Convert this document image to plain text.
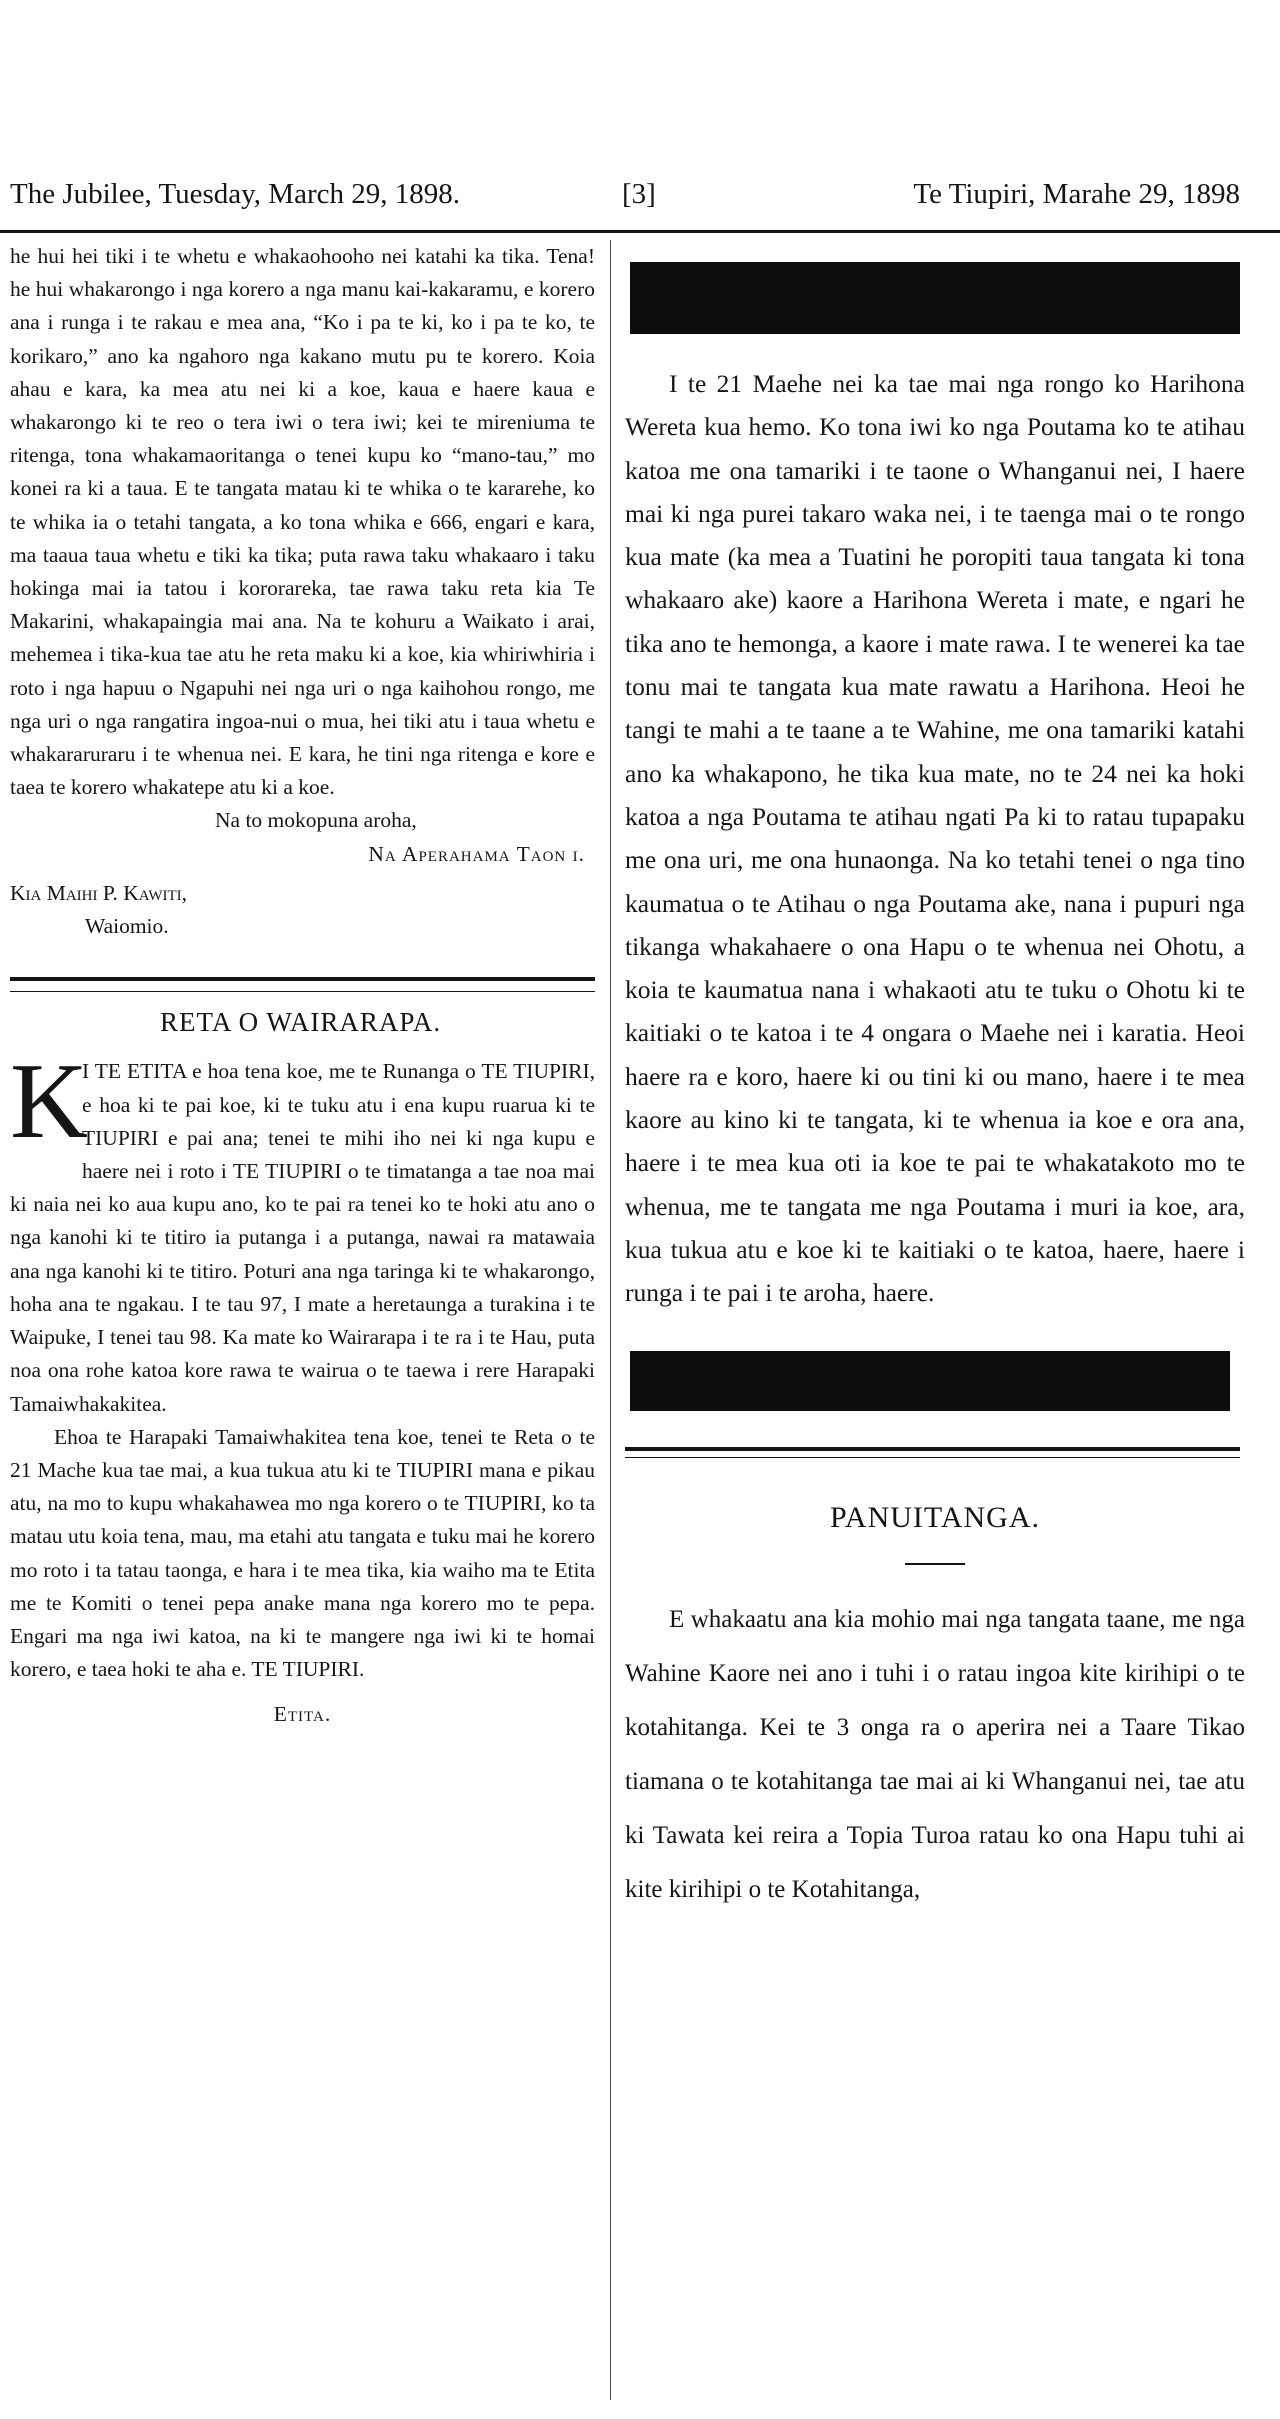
The Jubilee, Tuesday, March 29, 1898.	[3]	Te Tiupiri, Marahe 29, 1898

he hui hei tiki i te whetu e whakaohooho nei katahi ka tika. Tena! he hui whakarongo i nga korero a nga manu kai-kakaramu, e korero ana i runga i te rakau e mea ana, “Ko i pa te ki, ko i pa te ko, te korikaro,” ano ka ngahoro nga kakano mutu pu te korero. Koia ahau e kara, ka mea atu nei ki a koe, kaua e haere kaua e whakarongo ki te reo o tera iwi o tera iwi; kei te mireniuma te ritenga, tona whakamaoritanga o tenei kupu ko “mano-tau,” mo konei ra ki a taua. E te tangata matau ki te whika o te kararehe, ko te whika ia o tetahi tangata, a ko tona whika e 666, engari e kara, ma taaua taua whetu e tiki ka tika; puta rawa taku whakaaro i taku hokinga mai ia tatou i kororareka, tae rawa taku reta kia Te Makarini, whakapaingia mai ana. Na te kohuru a Waikato i arai, mehemea i tika-kua tae atu he reta maku ki a koe, kia whiriwhiria i roto i nga hapuu o Ngapuhi nei nga uri o nga kaihohou rongo, me nga uri o nga rangatira ingoa-nui o mua, hei tiki atu i taua whetu e whakararuraru i te whenua nei. E kara, he tini nga ritenga e kore e taea te korero whakatepe atu ki a koe.

Na to mokopuna aroha,

Na Aperahama Taon i.

Kia Maihi P. Kawiti,

Waiomio.

RETA O WAIRARAPA.
K

I TE ETITA e hoa tena koe, me te Runanga o TE TIUPIRI, e hoa ki te pai koe, ki te tuku atu i ena kupu ruarua ki te TIUPIRI e pai ana; tenei te mihi iho nei ki nga kupu e haere nei i roto i TE TIUPIRI o te timatanga a tae noa mai ki naia nei ko aua kupu ano, ko te pai ra tenei ko te hoki atu ano o nga kanohi ki te titiro ia putanga i a putanga, nawai ra matawaia ana nga kanohi ki te titiro. Poturi ana nga taringa ki te whakarongo, hoha ana te ngakau. I te tau 97, I mate a heretaunga a turakina i te Waipuke, I tenei tau 98. Ka mate ko Wairarapa i te ra i te Hau, puta noa ona rohe katoa kore rawa te wairua o te taewa i rere Harapaki Tamaiwhakakitea.

Ehoa te Harapaki Tamaiwhakitea tena koe, tenei te Reta o te 21 Mache kua tae mai, a kua tukua atu ki te TIUPIRI mana e pikau atu, na mo to kupu whakahawea mo nga korero o te TIUPIRI, ko ta matau utu koia tena, mau, ma etahi atu tangata e tuku mai he korero mo roto i ta tatau taonga, e hara i te mea tika, kia waiho ma te Etita me te Komiti o tenei pepa anake mana nga korero mo te pepa. Engari ma nga iwi katoa, na ki te mangere nga iwi ki te homai korero, e taea hoki te aha e. TE TIUPIRI.

Etita.

I te 21 Maehe nei ka tae mai nga rongo ko Harihona Wereta kua hemo. Ko tona iwi ko nga Poutama ko te atihau katoa me ona tamariki i te taone o Whanganui nei, I haere mai ki nga purei takaro waka nei, i te taenga mai o te rongo kua mate (ka mea a Tuatini he poropiti taua tangata ki tona whakaaro ake) kaore a Harihona Wereta i mate, e ngari he tika ano te hemonga, a kaore i mate rawa. I te wenerei ka tae tonu mai te tangata kua mate rawatu a Harihona. Heoi he tangi te mahi a te taane a te Wahine, me ona tamariki katahi ano ka whakapono, he tika kua mate, no te 24 nei ka hoki katoa a nga Poutama te atihau ngati Pa ki to ratau tupapaku me ona uri, me ona hunaonga. Na ko tetahi tenei o nga tino kaumatua o te Atihau o nga Poutama ake, nana i pupuri nga tikanga whakahaere o ona Hapu o te whenua nei Ohotu, a koia te kaumatua nana i whakaoti atu te tuku o Ohotu ki te kaitiaki o te katoa i te 4 ongara o Maehe nei i karatia. Heoi haere ra e koro, haere ki ou tini ki ou mano, haere i te mea kaore au kino ki te tangata, ki te whenua ia koe e ora ana, haere i te mea kua oti ia koe te pai te whakatakoto mo te whenua, me te tangata me nga Poutama i muri ia koe, ara, kua tukua atu e koe ki te kaitiaki o te katoa, haere, haere i runga i te pai i te aroha, haere.

PANUITANGA.

E whakaatu ana kia mohio mai nga tangata taane, me nga Wahine Kaore nei ano i tuhi i o ratau ingoa kite kirihipi o te kotahitanga. Kei te 3 onga ra o aperira nei a Taare Tikao tiamana o te kotahitanga tae mai ai ki Whanganui nei, tae atu ki Tawata kei reira a Topia Turoa ratau ko ona Hapu tuhi ai kite kirihipi o te Kotahitanga,
